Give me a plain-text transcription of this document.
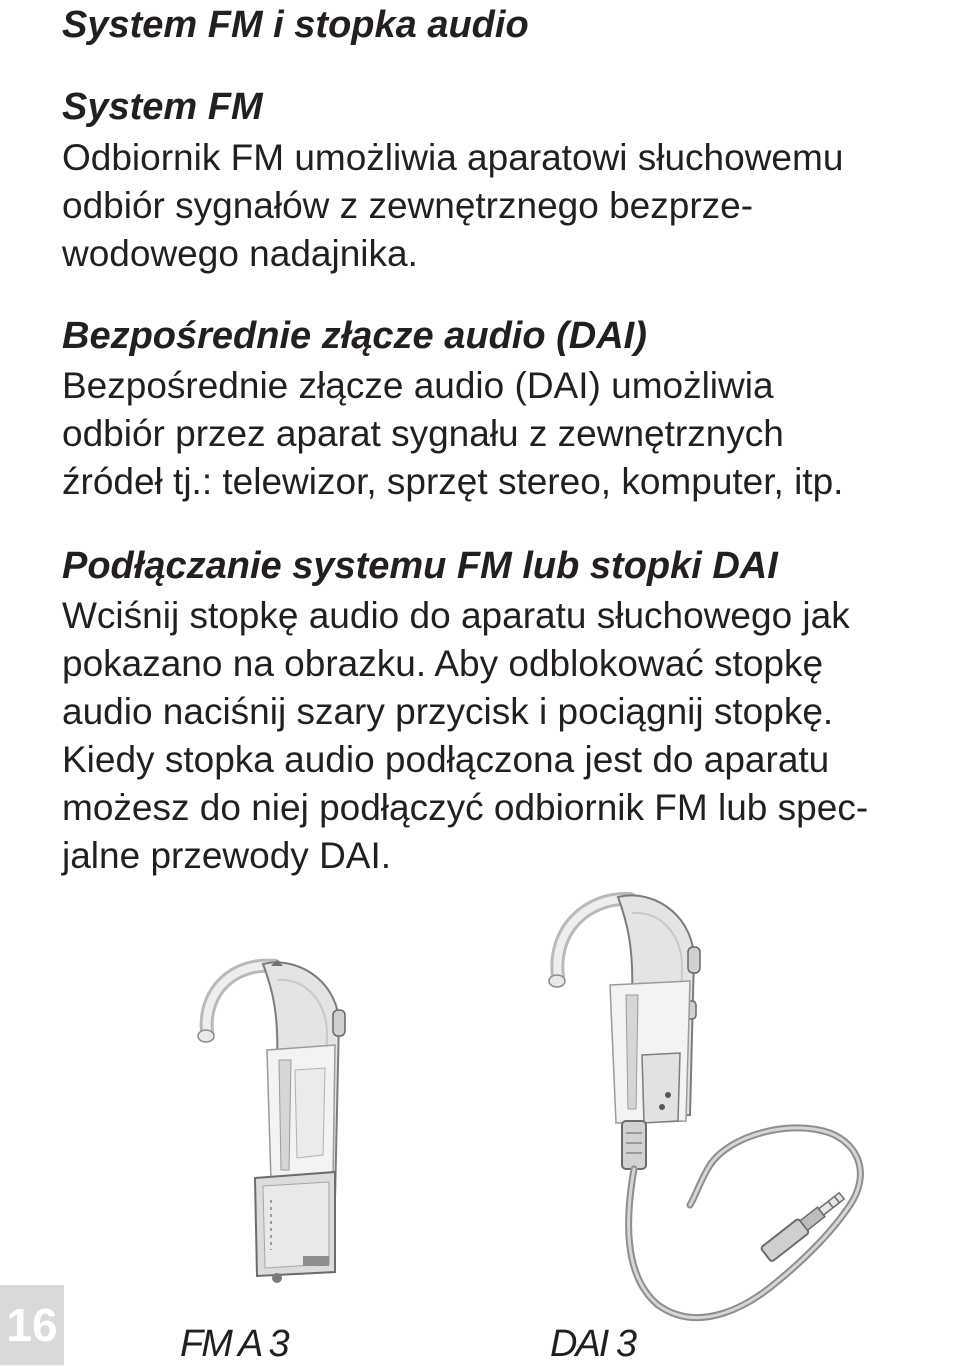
System FM i stopka audio
System FM

Odbiornik FM umożliwia aparatowi słuchowemu
odbiór sygnałów z zewnętrznego bezprze-
wodowego nadajnika.

Bezpośrednie złącze audio (DAI)

Bezpośrednie złącze audio (DAI) umożliwia
odbiór przez aparat sygnału z zewnętrznych
źródeł tj.: telewizor, sprzęt stereo, komputer, itp.

Podłączanie systemu FM lub stopki DAI

Wciśnij stopkę audio do aparatu słuchowego jak
pokazano na obrazku. Aby odblokować stopkę
audio naciśnij szary przycisk i pociągnij stopkę.
Kiedy stopka audio podłączona jest do aparatu
możesz do niej podłączyć odbiornik FM lub spec-
jalne przewody DAI.

FM A 3	DAI 3
16
